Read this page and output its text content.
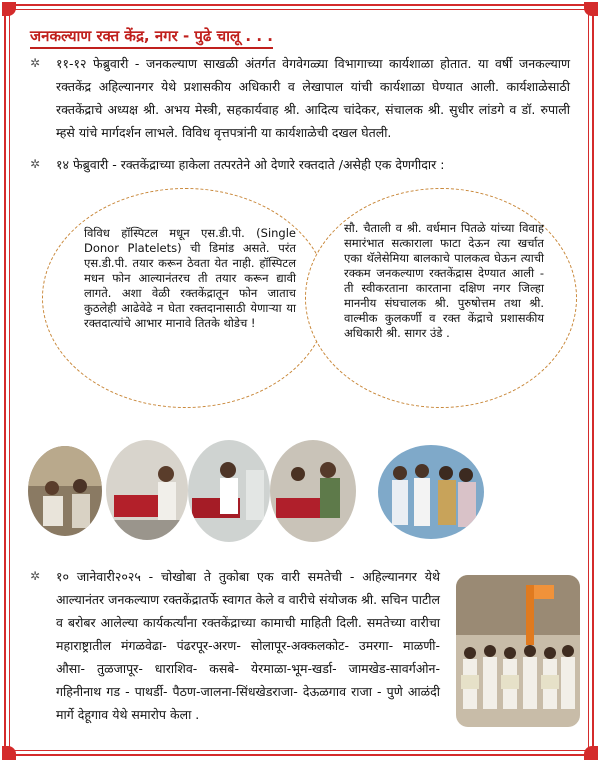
जनकल्याण रक्त केंद्र, नगर - पुढे चालू . . .
✲ ११-१२ फेब्रुवारी - जनकल्याण साखळी अंतर्गत वेगवेगळ्या विभागाच्या कार्यशाळा होतात. या वर्षी जनकल्याण रक्तकेंद्र अहिल्यानगर येथे प्रशासकीय अधिकारी व लेखापाल यांची कार्यशाळा घेण्यात आली. कार्यशाळेसाठी रक्तकेंद्राचे अध्यक्ष श्री. अभय मेस्त्री, सहकार्यवाह श्री. आदित्य चांदेकर, संचालक श्री. सुधीर लांडगे व डॉ. रुपाली म्हसे यांचे मार्गदर्शन लाभले. विविध वृत्तपत्रांनी या कार्यशाळेची दखल घेतली.
✲ १४ फेब्रुवारी - रक्तकेंद्राच्या हाकेला तत्परतेने ओ देणारे रक्तदाते /असेही एक देणगीदार :
विविध हॉस्पिटल मधून एस.डी.पी. (Single Donor Platelets) ची डिमांड असते. परंत एस.डी.पी. तयार करून ठेवता येत नाही. हॉस्पिटल मधन फोन आल्यानंतरच ती तयार करून द्यावी लागते. अशा वेळी रक्तकेंद्रातून फोन जाताच कुठलेही आढेवेढे न घेता रक्तदानासाठी येणाऱ्या या रक्तदात्यांचे आभार मानावे तितके थोडेच !
सौ. चैताली व श्री. वर्धमान पितळे यांच्या विवाह समारंभात सत्काराला फाटा देऊन त्या खर्चात एका थॅलेसेमिया बालकाचे पालकत्व घेऊन त्याची रक्कम जनकल्याण रक्तकेंद्रास देण्यात आली - ती स्वीकरताना कारताना दक्षिण नगर जिल्हा माननीय संघचालक श्री. पुरुषोत्तम तथा श्री. वाल्मीक कुलकर्णी व रक्त केंद्राचे प्रशासकीय अधिकारी श्री. सागर उंडे .
✲ १० जानेवारी२०२५ - चोखोबा ते तुकोबा एक वारी समतेची - अहिल्यानगर येथे आल्यानंतर जनकल्याण रक्तकेंद्रातर्फे स्वागत केले व वारीचे संयोजक श्री. सचिन पाटील व बरोबर आलेल्या कार्यकर्त्यांना रक्तकेंद्राच्या कामाची माहिती दिली. समतेच्या वारीचा महाराष्ट्रातील मंगळवेढा- पंढरपूर-अरण- सोलापूर-अक्कलकोट- उमरगा- माळणी- औसा- तुळजापूर- धाराशिव- कसबे- येरमाळा-भूम-खर्डा- जामखेड-सावर्गओन-गहिनीनाथ गड - पाथर्डी- पैठण-जालना-सिंधखेडराजा- देऊळगाव राजा - पुणे आळंदी मार्गे देहूगाव येथे समारोप केला .
